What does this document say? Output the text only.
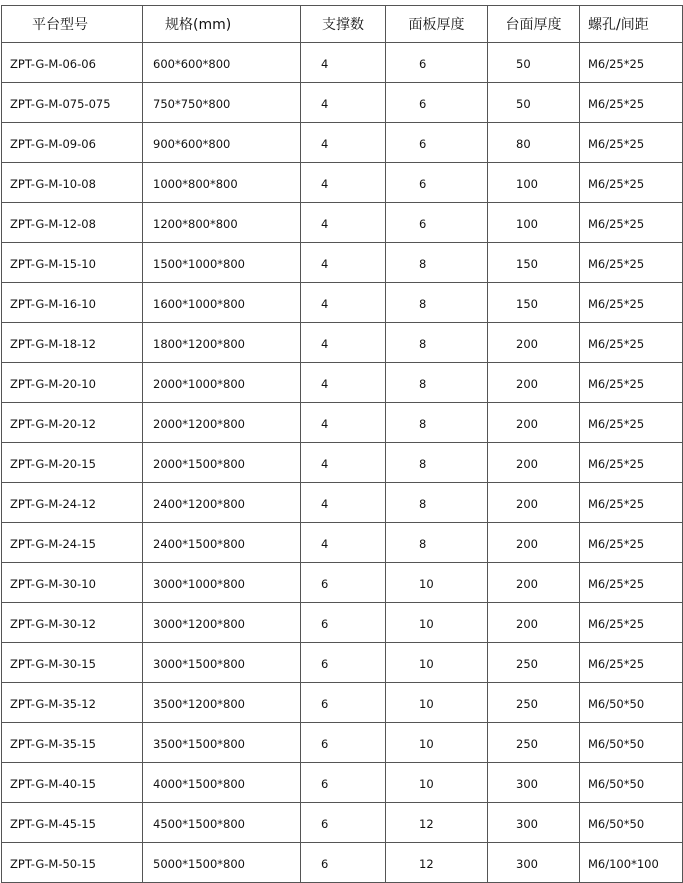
平台型号	规格(mm)	支撑数	面板厚度	台面厚度	螺孔/间距
ZPT-G-M-06-06	600*600*800	4	6	50	M6/25*25
ZPT-G-M-075-075	750*750*800	4	6	50	M6/25*25
ZPT-G-M-09-06	900*600*800	4	6	80	M6/25*25
ZPT-G-M-10-08	1000*800*800	4	6	100	M6/25*25
ZPT-G-M-12-08	1200*800*800	4	6	100	M6/25*25
ZPT-G-M-15-10	1500*1000*800	4	8	150	M6/25*25
ZPT-G-M-16-10	1600*1000*800	4	8	150	M6/25*25
ZPT-G-M-18-12	1800*1200*800	4	8	200	M6/25*25
ZPT-G-M-20-10	2000*1000*800	4	8	200	M6/25*25
ZPT-G-M-20-12	2000*1200*800	4	8	200	M6/25*25
ZPT-G-M-20-15	2000*1500*800	4	8	200	M6/25*25
ZPT-G-M-24-12	2400*1200*800	4	8	200	M6/25*25
ZPT-G-M-24-15	2400*1500*800	4	8	200	M6/25*25
ZPT-G-M-30-10	3000*1000*800	6	10	200	M6/25*25
ZPT-G-M-30-12	3000*1200*800	6	10	200	M6/25*25
ZPT-G-M-30-15	3000*1500*800	6	10	250	M6/25*25
ZPT-G-M-35-12	3500*1200*800	6	10	250	M6/50*50
ZPT-G-M-35-15	3500*1500*800	6	10	250	M6/50*50
ZPT-G-M-40-15	4000*1500*800	6	10	300	M6/50*50
ZPT-G-M-45-15	4500*1500*800	6	12	300	M6/50*50
ZPT-G-M-50-15	5000*1500*800	6	12	300	M6/100*100
